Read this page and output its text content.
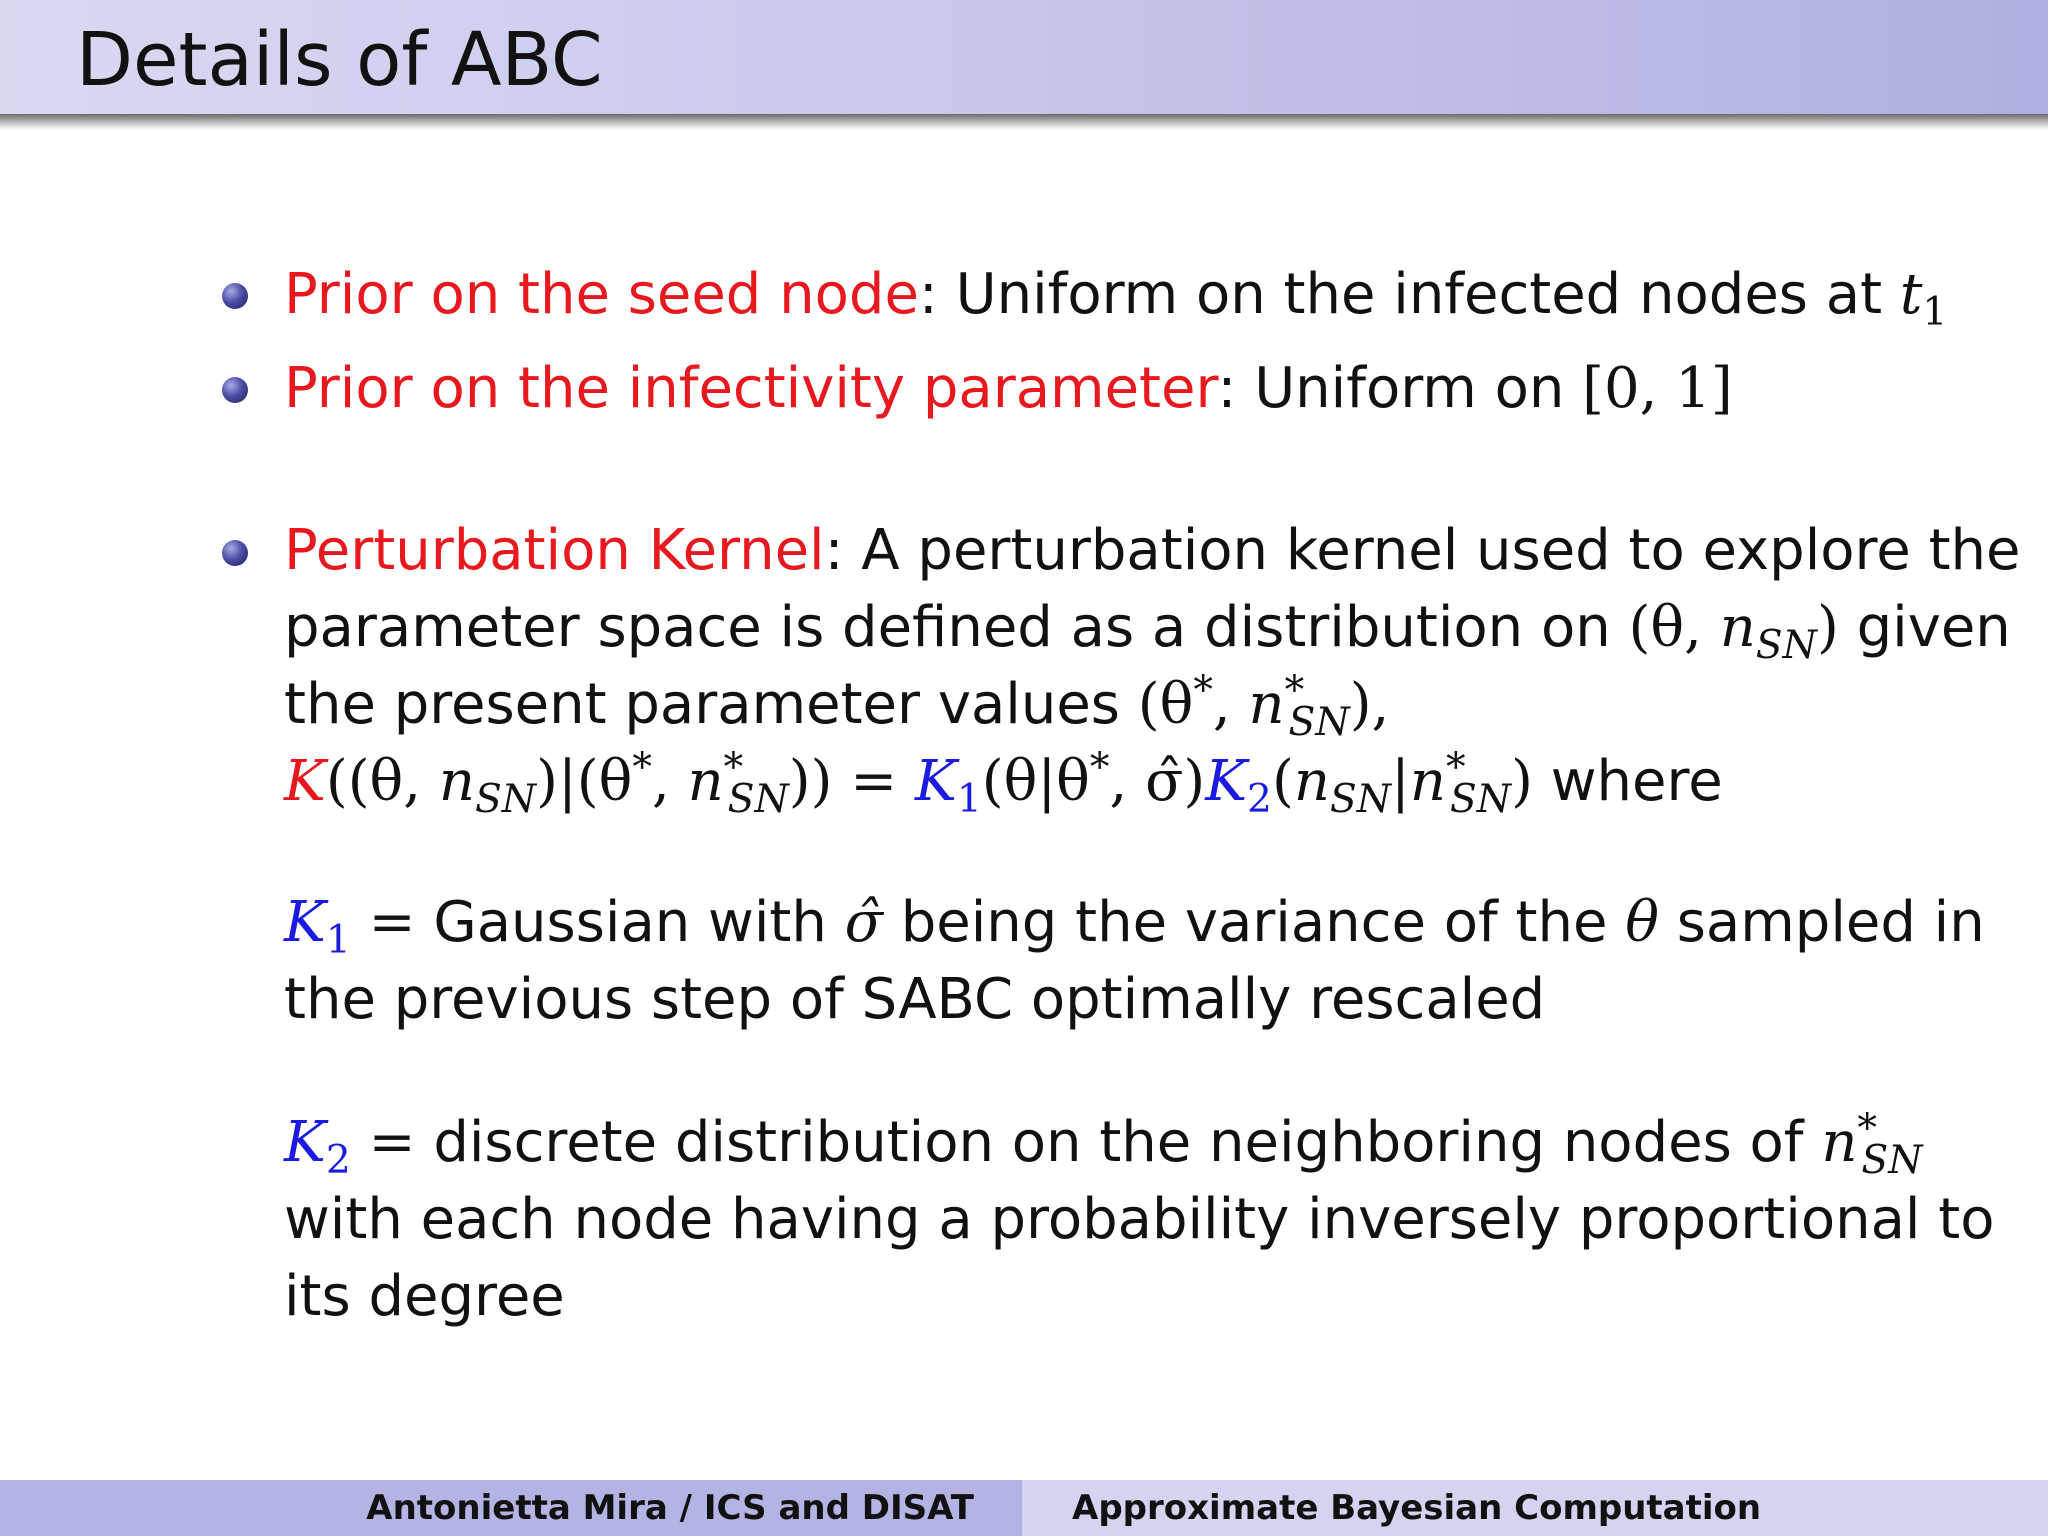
Details of ABC
Prior on the seed node: Uniform on the infected nodes at $t_1$
Prior on the infectivity parameter: Uniform on [0, 1]
Perturbation Kernel: A perturbation kernel used to explore the
parameter space is defined as a distribution on (θ, $n_{SN}$) given
the present parameter values (θ*, $n^*_{SN}$),
K((θ, $n_{SN})|(\theta^*$, $n^*_{SN})) = K_1(\theta|\theta^*$, $\sigmâ)K_2(n_{SN}|n^*_{SN})$ where
$K_1$ = Gaussian with σ̂ being the variance of the θ sampled in
the previous step of SABC optimally rescaled
$K_2$ = discrete distribution on the neighboring nodes of $n^*_{SN}$
with each node having a probability inversely proportional to
its degree
Antonietta Mira / ICS and DISAT	Approximate Bayesian Computation
